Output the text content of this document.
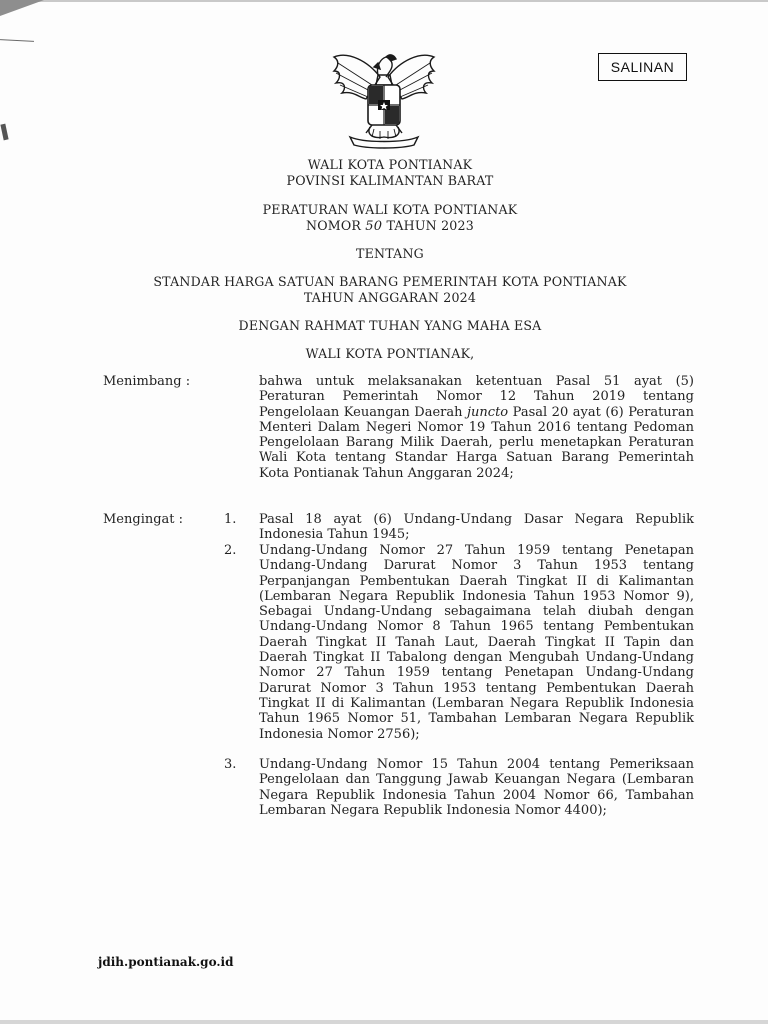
SALINAN
WALI KOTA PONTIANAK
POVINSI KALIMANTAN BARAT
PERATURAN WALI KOTA PONTIANAK
NOMOR 50 TAHUN 2023
TENTANG
STANDAR HARGA SATUAN BARANG PEMERINTAH KOTA PONTIANAK
TAHUN ANGGARAN 2024
DENGAN RAHMAT TUHAN YANG MAHA ESA
WALI KOTA PONTIANAK,
Menimbang :	bahwa untuk melaksanakan ketentuan Pasal 51 ayat (5) Peraturan Pemerintah Nomor 12 Tahun 2019 tentang Pengelolaan Keuangan Daerah juncto Pasal 20 ayat (6) Peraturan Menteri Dalam Negeri Nomor 19 Tahun 2016 tentang Pedoman Pengelolaan Barang Milik Daerah, perlu menetapkan Peraturan Wali Kota tentang Standar Harga Satuan Barang Pemerintah Kota Pontianak Tahun Anggaran 2024;
Mengingat :	1. Pasal 18 ayat (6) Undang-Undang Dasar Negara Republik Indonesia Tahun 1945;
2. Undang-Undang Nomor 27 Tahun 1959 tentang Penetapan Undang-Undang Darurat Nomor 3 Tahun 1953 tentang Perpanjangan Pembentukan Daerah Tingkat II di Kalimantan (Lembaran Negara Republik Indonesia Tahun 1953 Nomor 9), Sebagai Undang-Undang sebagaimana telah diubah dengan Undang-Undang Nomor 8 Tahun 1965 tentang Pembentukan Daerah Tingkat II Tanah Laut, Daerah Tingkat II Tapin dan Daerah Tingkat II Tabalong dengan Mengubah Undang-Undang Nomor 27 Tahun 1959 tentang Penetapan Undang-Undang Darurat Nomor 3 Tahun 1953 tentang Pembentukan Daerah Tingkat II di Kalimantan (Lembaran Negara Republik Indonesia Tahun 1965 Nomor 51, Tambahan Lembaran Negara Republik Indonesia Nomor 2756);
3. Undang-Undang Nomor 15 Tahun 2004 tentang Pemeriksaan Pengelolaan dan Tanggung Jawab Keuangan Negara (Lembaran Negara Republik Indonesia Tahun 2004 Nomor 66, Tambahan Lembaran Negara Republik Indonesia Nomor 4400);
jdih.pontianak.go.id
